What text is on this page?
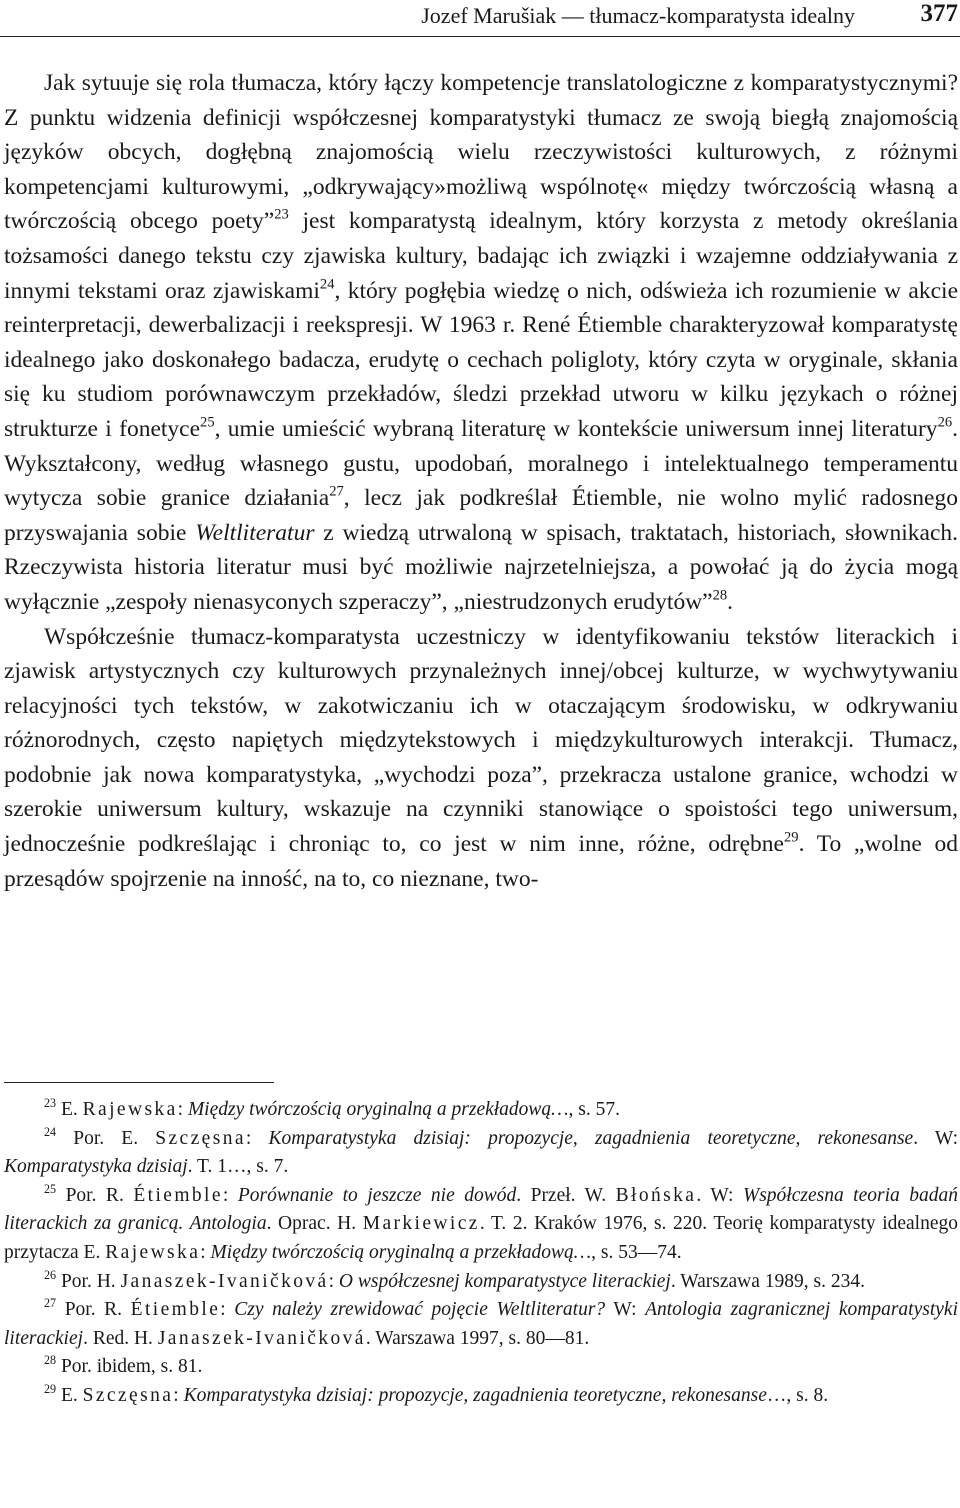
Jozef Marušiak — tłumacz-komparatysta idealny	377

Jak sytuuje się rola tłumacza, który łączy kompetencje translatologiczne z komparatystycznymi? Z punktu widzenia definicji współczesnej komparatystyki tłumacz ze swoją biegłą znajomością języków obcych, dogłębną znajomością wielu rzeczywistości kulturowych, z różnymi kompetencjami kulturowymi, „odkrywający»możliwą wspólnotę« między twórczością własną a twórczością obcego poety”$^{23}$ jest komparatystą idealnym, który korzysta z metody określania tożsamości danego tekstu czy zjawiska kultury, badając ich związki i wzajemne oddziaływania z innymi tekstami oraz zjawiskami$^{24}$, który pogłębia wiedzę o nich, odświeża ich rozumienie w akcie reinterpretacji, dewerbalizacji i reekspresji. W 1963 r. René Étiemble charakteryzował komparatystę idealnego jako doskonałego badacza, erudytę o cechach poligloty, który czyta w oryginale, skłania się ku studiom porównawczym przekładów, śledzi przekład utworu w kilku językach o różnej strukturze i fonetyce$^{25}$, umie umieścić wybraną literaturę w kontekście uniwersum innej literatury$^{26}$. Wykształcony, według własnego gustu, upodobań, moralnego i intelektualnego temperamentu wytycza sobie granice działania$^{27}$, lecz jak podkreślał Étiemble, nie wolno mylić radosnego przyswajania sobie Weltliteratur z wiedzą utrwaloną w spisach, traktatach, historiach, słownikach. Rzeczywista historia literatur musi być możliwie najrzetelniejsza, a powołać ją do życia mogą wyłącznie „zespoły nienasyconych szperaczy”, „niestrudzonych erudytów”$^{28}$.

Współcześnie tłumacz-komparatysta uczestniczy w identyfikowaniu tekstów literackich i zjawisk artystycznych czy kulturowych przynależnych innej/obcej kulturze, w wychwytywaniu relacyjności tych tekstów, w zakotwiczaniu ich w otaczającym środowisku, w odkrywaniu różnorodnych, często napiętych międzytekstowych i międzykulturowych interakcji. Tłumacz, podobnie jak nowa komparatystyka, „wychodzi poza”, przekracza ustalone granice, wchodzi w szerokie uniwersum kultury, wskazuje na czynniki stanowiące o spoistości tego uniwersum, jednocześnie podkreślając i chroniąc to, co jest w nim inne, różne, odrębne$^{29}$. To „wolne od przesądów spojrzenie na inność, na to, co nieznane, two-

$^{23}$ E. Rajewska: Między twórczością oryginalną a przekładową…, s. 57.

$^{24}$ Por. E. Szczęsna: Komparatystyka dzisiaj: propozycje, zagadnienia teoretyczne, rekonesanse. W: Komparatystyka dzisiaj. T. 1…, s. 7.

$^{25}$ Por. R. Étiemble: Porównanie to jeszcze nie dowód. Przeł. W. Błońska. W: Współczesna teoria badań literackich za granicą. Antologia. Oprac. H. Markiewicz. T. 2. Kraków 1976, s. 220. Teorię komparatysty idealnego przytacza E. Rajewska: Między twórczością oryginalną a przekładową…, s. 53—74.

$^{26}$ Por. H. Janaszek-Ivaničková: O współczesnej komparatystyce literackiej. Warszawa 1989, s. 234.

$^{27}$ Por. R. Étiemble: Czy należy zrewidować pojęcie Weltliteratur? W: Antologia zagranicznej komparatystyki literackiej. Red. H. Janaszek-Ivaničková. Warszawa 1997, s. 80—81.

$^{28}$ Por. ibidem, s. 81.

$^{29}$ E. Szczęsna: Komparatystyka dzisiaj: propozycje, zagadnienia teoretyczne, rekonesanse…, s. 8.
